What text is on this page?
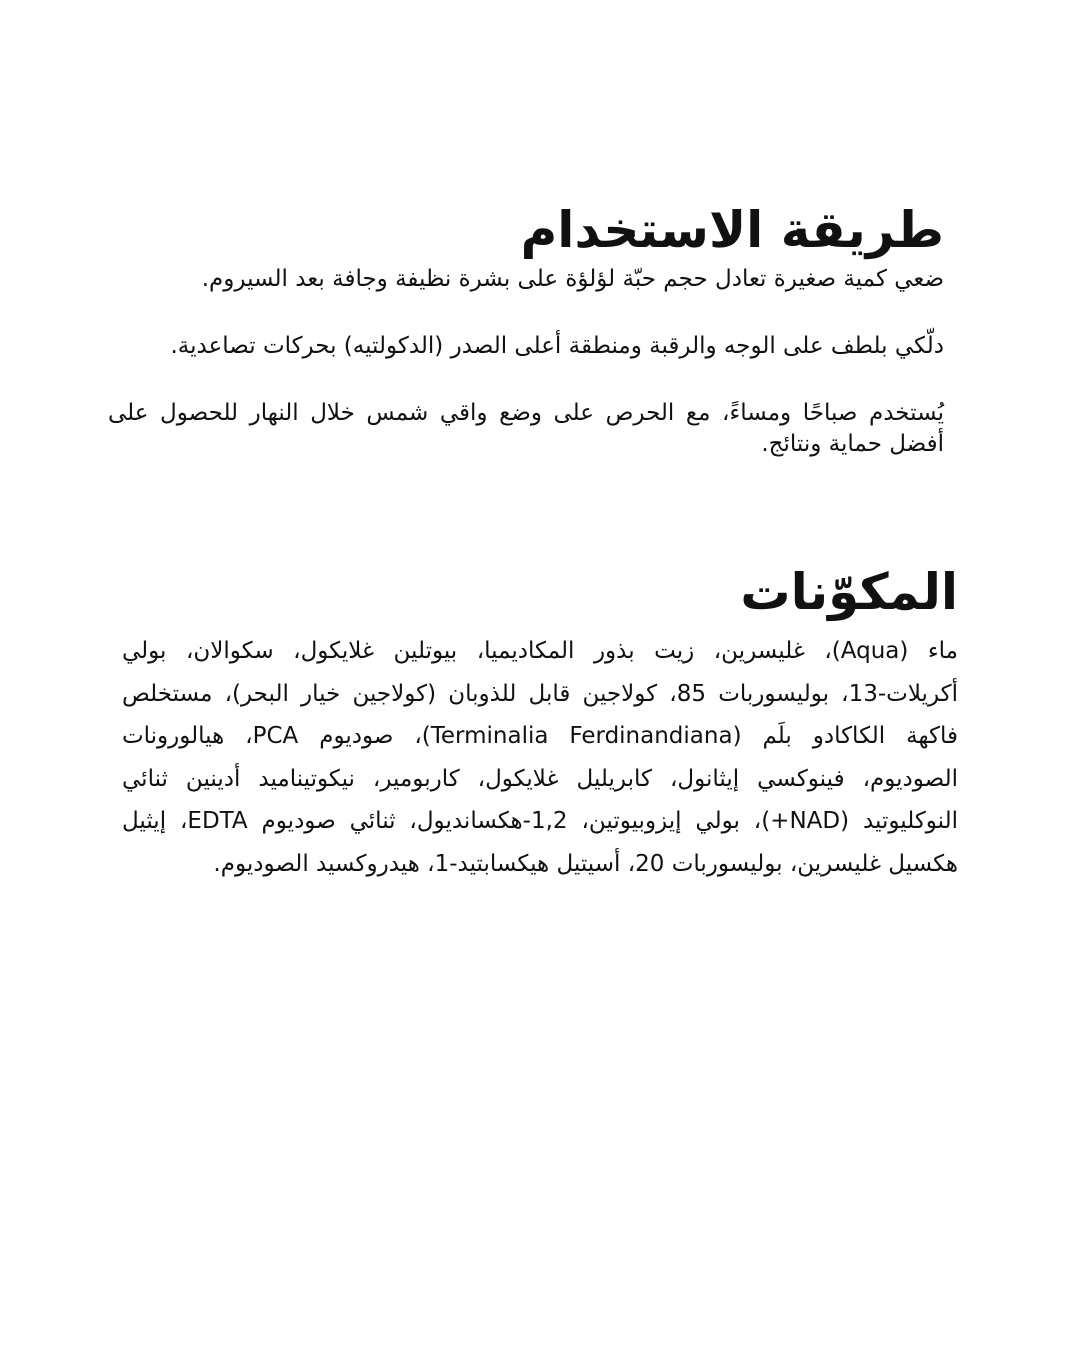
طريقة الاستخدام

ضعي كمية صغيرة تعادل حجم حبّة لؤلؤة على بشرة نظيفة وجافة بعد السيروم.

دلّكي بلطف على الوجه والرقبة ومنطقة أعلى الصدر (الدكولتيه) بحركات تصاعدية.

يُستخدم صباحًا ومساءً، مع الحرص على وضع واقي شمس خلال النهار للحصول على أفضل حماية ونتائج.

المكوّنات

ماء (Aqua)، غليسرين، زيت بذور المكاديميا، بيوتلين غلايكول، سكوالان، بولي أكريلات-13، بوليسوربات 85، كولاجين قابل للذوبان (كولاجين خيار البحر)، مستخلص فاكهة الكاكادو بلَم (Terminalia Ferdinandiana)، صوديوم PCA، هيالورونات الصوديوم، فينوكسي إيثانول، كابريليل غلايكول، كاربومير، نيكوتيناميد أدينين ثنائي النوكليوتيد (NAD+)، بولي إيزوبيوتين، 1,2-هكسانديول، ثنائي صوديوم EDTA، إيثيل هكسيل غليسرين، بوليسوربات 20، أسيتيل هيكسابتيد-1، هيدروكسيد الصوديوم.
